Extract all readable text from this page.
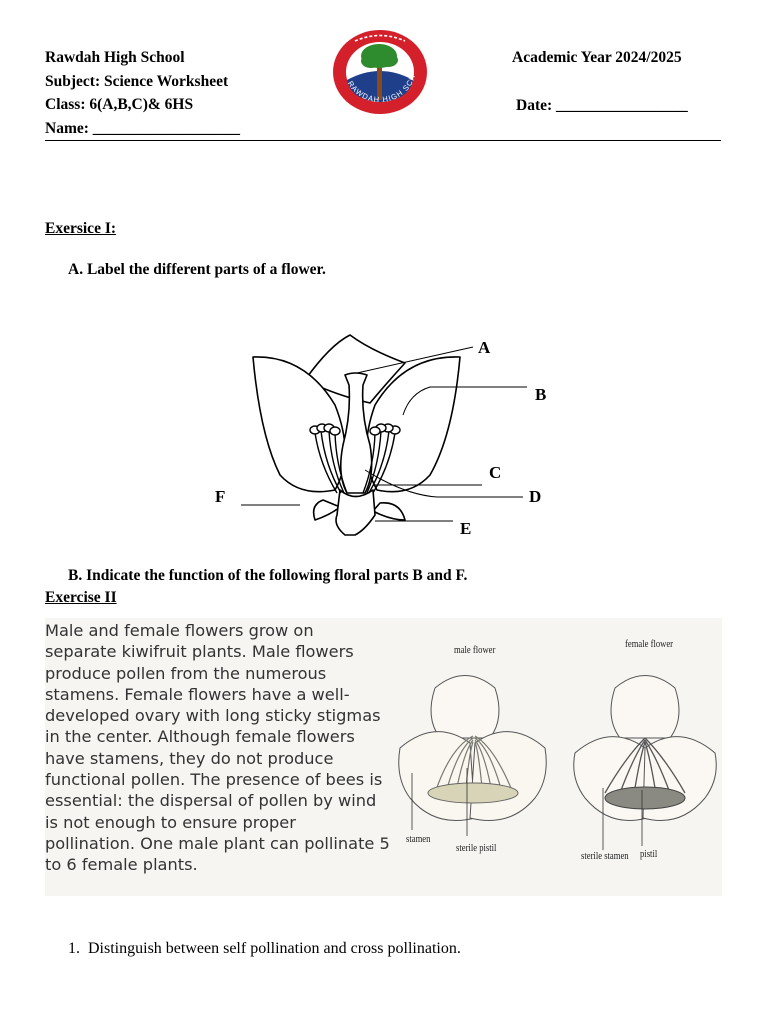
Rawdah High School
Subject: Science Worksheet
Class: 6(A,B,C)& 6HS
Name: ___________________
Academic Year 2024/2025
Date: _________________
RAWDAH HIGH SCH
Exersice I:
A. Label the different parts of a flower.
A
B
C
D
E
F
B. Indicate the function of the following floral parts B and F.
Exercise II
Male and female flowers grow on separate kiwifruit plants. Male flowers produce pollen from the numerous stamens. Female flowers have a well-developed ovary with long sticky stigmas in the center. Although female flowers have stamens, they do not produce functional pollen. The presence of bees is essential: the dispersal of pollen by wind is not enough to ensure proper pollination. One male plant can pollinate 5 to 6 female plants.
male flower
female flower
stamen
sterile pistil
sterile stamen pistil
1.  Distinguish between self pollination and cross pollination.
